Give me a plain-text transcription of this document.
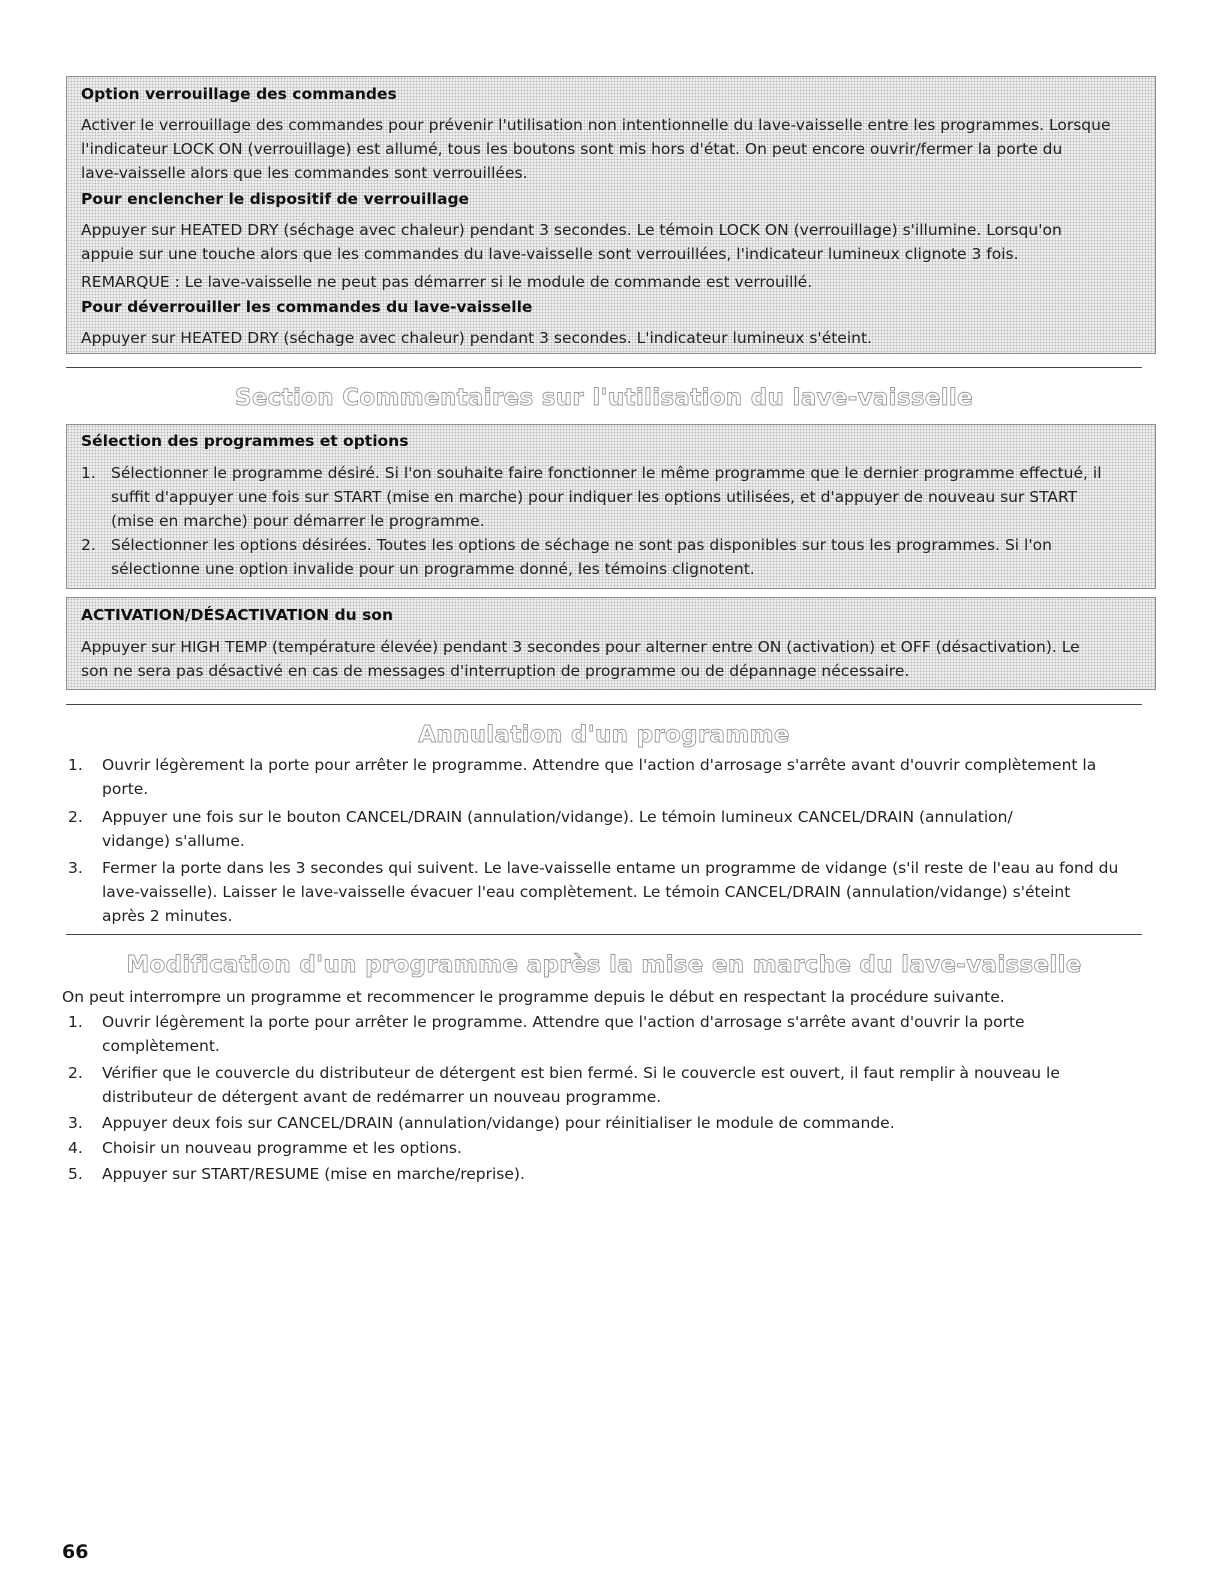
Option verrouillage des commandes
Activer le verrouillage des commandes pour prévenir l'utilisation non intentionnelle du lave-vaisselle entre les programmes. Lorsque
l'indicateur LOCK ON (verrouillage) est allumé, tous les boutons sont mis hors d'état. On peut encore ouvrir/fermer la porte du
lave-vaisselle alors que les commandes sont verrouillées.
Pour enclencher le dispositif de verrouillage
Appuyer sur HEATED DRY (séchage avec chaleur) pendant 3 secondes. Le témoin LOCK ON (verrouillage) s'illumine. Lorsqu'on
appuie sur une touche alors que les commandes du lave-vaisselle sont verrouillées, l'indicateur lumineux clignote 3 fois.
REMARQUE : Le lave-vaisselle ne peut pas démarrer si le module de commande est verrouillé.
Pour déverrouiller les commandes du lave-vaisselle
Appuyer sur HEATED DRY (séchage avec chaleur) pendant 3 secondes. L'indicateur lumineux s'éteint.
Section Commentaires sur l'utilisation du lave-vaisselle
Sélection des programmes et options
1. Sélectionner le programme désiré. Si l'on souhaite faire fonctionner le même programme que le dernier programme effectué, il
suffit d'appuyer une fois sur START (mise en marche) pour indiquer les options utilisées, et d'appuyer de nouveau sur START
(mise en marche) pour démarrer le programme.
2. Sélectionner les options désirées. Toutes les options de séchage ne sont pas disponibles sur tous les programmes. Si l'on
sélectionne une option invalide pour un programme donné, les témoins clignotent.
ACTIVATION/DÉSACTIVATION du son
Appuyer sur HIGH TEMP (température élevée) pendant 3 secondes pour alterner entre ON (activation) et OFF (désactivation). Le
son ne sera pas désactivé en cas de messages d'interruption de programme ou de dépannage nécessaire.
Annulation d'un programme
1. Ouvrir légèrement la porte pour arrêter le programme. Attendre que l'action d'arrosage s'arrête avant d'ouvrir complètement la
porte.
2. Appuyer une fois sur le bouton CANCEL/DRAIN (annulation/vidange). Le témoin lumineux CANCEL/DRAIN (annulation/
vidange) s'allume.
3. Fermer la porte dans les 3 secondes qui suivent. Le lave-vaisselle entame un programme de vidange (s'il reste de l'eau au fond du
lave-vaisselle). Laisser le lave-vaisselle évacuer l'eau complètement. Le témoin CANCEL/DRAIN (annulation/vidange) s'éteint
après 2 minutes.
Modification d'un programme après la mise en marche du lave-vaisselle
On peut interrompre un programme et recommencer le programme depuis le début en respectant la procédure suivante.
1. Ouvrir légèrement la porte pour arrêter le programme. Attendre que l'action d'arrosage s'arrête avant d'ouvrir la porte
complètement.
2. Vérifier que le couvercle du distributeur de détergent est bien fermé. Si le couvercle est ouvert, il faut remplir à nouveau le
distributeur de détergent avant de redémarrer un nouveau programme.
3. Appuyer deux fois sur CANCEL/DRAIN (annulation/vidange) pour réinitialiser le module de commande.
4. Choisir un nouveau programme et les options.
5. Appuyer sur START/RESUME (mise en marche/reprise).
66
